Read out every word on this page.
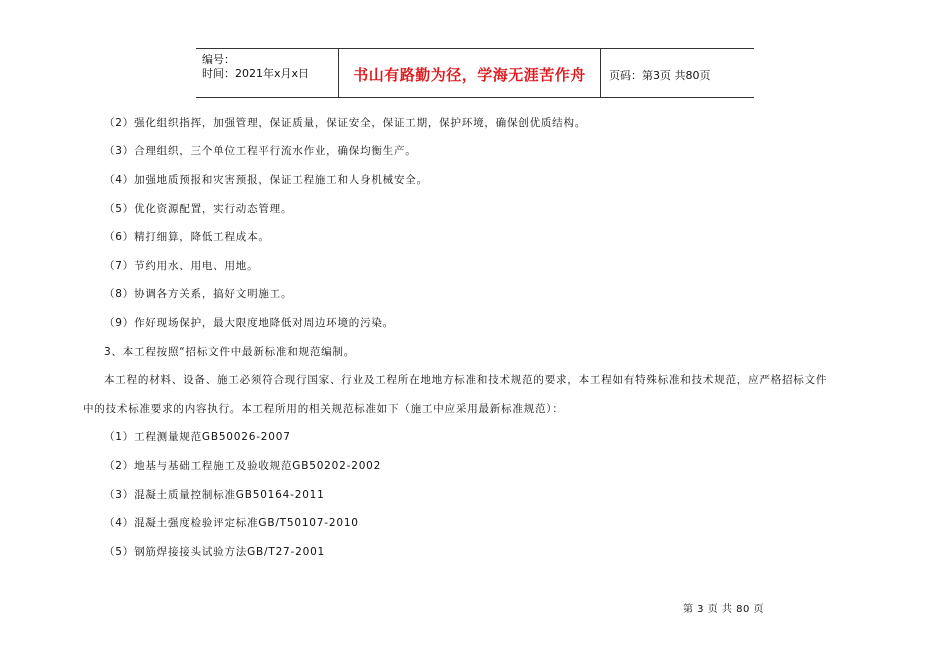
编号：
时间：2021年x月x日	书山有路勤为径，学海无涯苦作舟	页码：第3页 共80页
（2）强化组织指挥，加强管理，保证质量，保证安全，保证工期，保护环境，确保创优质结构。
（3）合理组织，三个单位工程平行流水作业，确保均衡生产。
（4）加强地质预报和灾害预报，保证工程施工和人身机械安全。
（5）优化资源配置，实行动态管理。
（6）精打细算，降低工程成本。
（7）节约用水、用电、用地。
（8）协调各方关系，搞好文明施工。
（9）作好现场保护，最大限度地降低对周边环境的污染。
3、本工程按照“招标文件中最新标准和规范编制。
本工程的材料、设备、施工必须符合现行国家、行业及工程所在地地方标准和技术规范的要求，本工程如有特殊标准和技术规范，应严格招标文件
中的技术标准要求的内容执行。本工程所用的相关规范标准如下（施工中应采用最新标准规范）：
（1）工程测量规范GB50026-2007
（2）地基与基础工程施工及验收规范GB50202-2002
（3）混凝土质量控制标准GB50164-2011
（4）混凝土强度检验评定标准GB/T50107-2010
（5）钢筋焊接接头试验方法GB/T27-2001
第 3 页 共 80 页
